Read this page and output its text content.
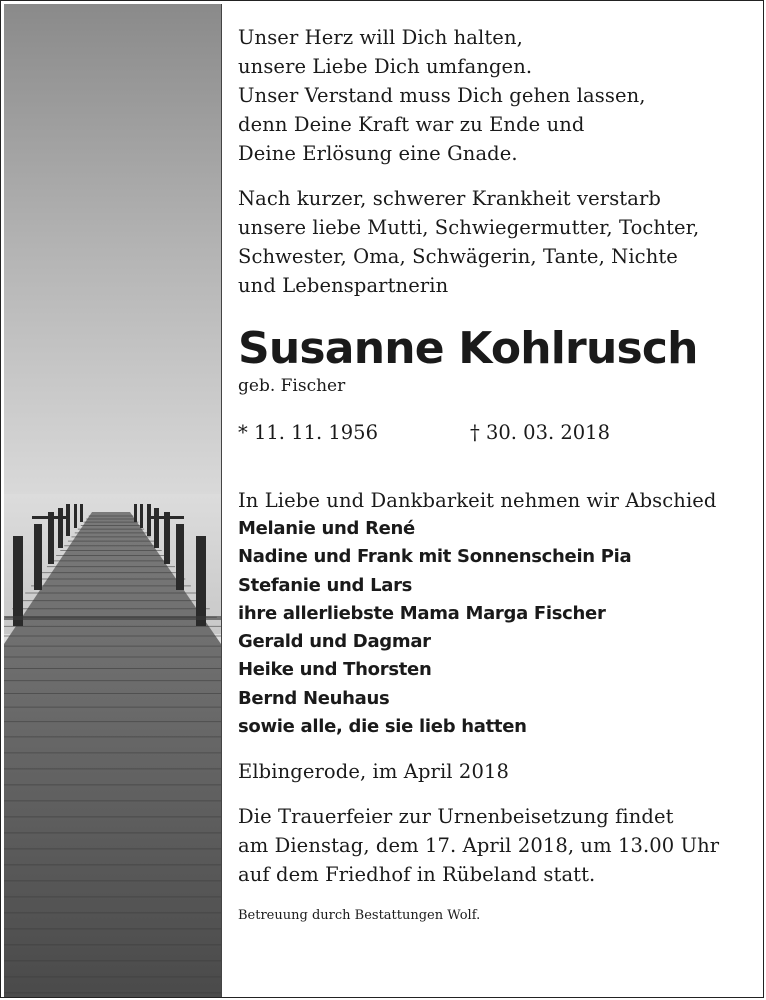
Unser Herz will Dich halten,
unsere Liebe Dich umfangen.
Unser Verstand muss Dich gehen lassen,
denn Deine Kraft war zu Ende und
Deine Erlösung eine Gnade.
Nach kurzer, schwerer Krankheit verstarb
unsere liebe Mutti, Schwiegermutter, Tochter,
Schwester, Oma, Schwägerin, Tante, Nichte
und Lebenspartnerin
Susanne Kohlrusch
geb. Fischer
* 11. 11. 1956	† 30. 03. 2018
In Liebe und Dankbarkeit nehmen wir Abschied
Melanie und René
Nadine und Frank mit Sonnenschein Pia
Stefanie und Lars
ihre allerliebste Mama Marga Fischer
Gerald und Dagmar
Heike und Thorsten
Bernd Neuhaus
sowie alle, die sie lieb hatten
Elbingerode, im April 2018
Die Trauerfeier zur Urnenbeisetzung findet
am Dienstag, dem 17. April 2018, um 13.00 Uhr
auf dem Friedhof in Rübeland statt.
Betreuung durch Bestattungen Wolf.
